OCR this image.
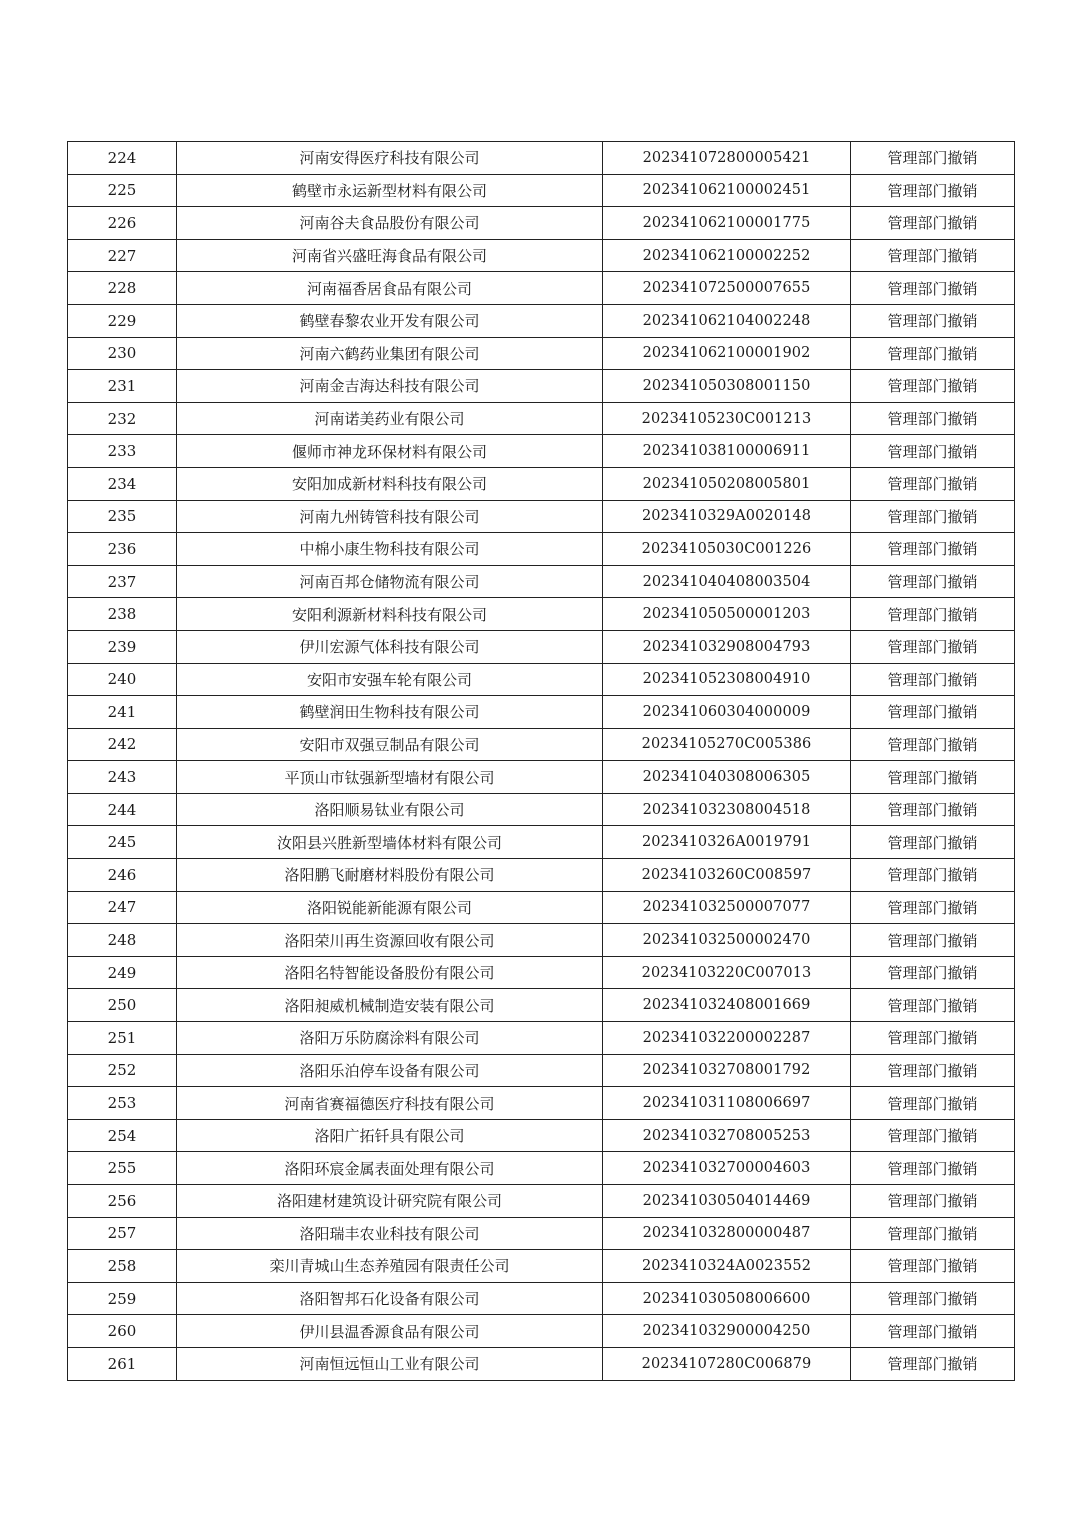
224	河南安得医疗科技有限公司	202341072800005421	管理部门撤销
225	鹤壁市永运新型材料有限公司	202341062100002451	管理部门撤销
226	河南谷夫食品股份有限公司	202341062100001775	管理部门撤销
227	河南省兴盛旺海食品有限公司	202341062100002252	管理部门撤销
228	河南福香居食品有限公司	202341072500007655	管理部门撤销
229	鹤壁春黎农业开发有限公司	202341062104002248	管理部门撤销
230	河南六鹤药业集团有限公司	202341062100001902	管理部门撤销
231	河南金吉海达科技有限公司	202341050308001150	管理部门撤销
232	河南诺美药业有限公司	20234105230C001213	管理部门撤销
233	偃师市神龙环保材料有限公司	202341038100006911	管理部门撤销
234	安阳加成新材料科技有限公司	202341050208005801	管理部门撤销
235	河南九州铸管科技有限公司	2023410329A0020148	管理部门撤销
236	中棉小康生物科技有限公司	20234105030C001226	管理部门撤销
237	河南百邦仓储物流有限公司	202341040408003504	管理部门撤销
238	安阳利源新材料科技有限公司	202341050500001203	管理部门撤销
239	伊川宏源气体科技有限公司	202341032908004793	管理部门撤销
240	安阳市安强车轮有限公司	202341052308004910	管理部门撤销
241	鹤壁润田生物科技有限公司	202341060304000009	管理部门撤销
242	安阳市双强豆制品有限公司	20234105270C005386	管理部门撤销
243	平顶山市钛强新型墙材有限公司	202341040308006305	管理部门撤销
244	洛阳顺易钛业有限公司	202341032308004518	管理部门撤销
245	汝阳县兴胜新型墙体材料有限公司	2023410326A0019791	管理部门撤销
246	洛阳鹏飞耐磨材料股份有限公司	20234103260C008597	管理部门撤销
247	洛阳锐能新能源有限公司	202341032500007077	管理部门撤销
248	洛阳荣川再生资源回收有限公司	202341032500002470	管理部门撤销
249	洛阳名特智能设备股份有限公司	20234103220C007013	管理部门撤销
250	洛阳昶威机械制造安装有限公司	202341032408001669	管理部门撤销
251	洛阳万乐防腐涂料有限公司	202341032200002287	管理部门撤销
252	洛阳乐泊停车设备有限公司	202341032708001792	管理部门撤销
253	河南省赛福德医疗科技有限公司	202341031108006697	管理部门撤销
254	洛阳广拓钎具有限公司	202341032708005253	管理部门撤销
255	洛阳环宸金属表面处理有限公司	202341032700004603	管理部门撤销
256	洛阳建材建筑设计研究院有限公司	202341030504014469	管理部门撤销
257	洛阳瑞丰农业科技有限公司	202341032800000487	管理部门撤销
258	栾川青城山生态养殖园有限责任公司	2023410324A0023552	管理部门撤销
259	洛阳智邦石化设备有限公司	202341030508006600	管理部门撤销
260	伊川县温香源食品有限公司	202341032900004250	管理部门撤销
261	河南恒远恒山工业有限公司	20234107280C006879	管理部门撤销
